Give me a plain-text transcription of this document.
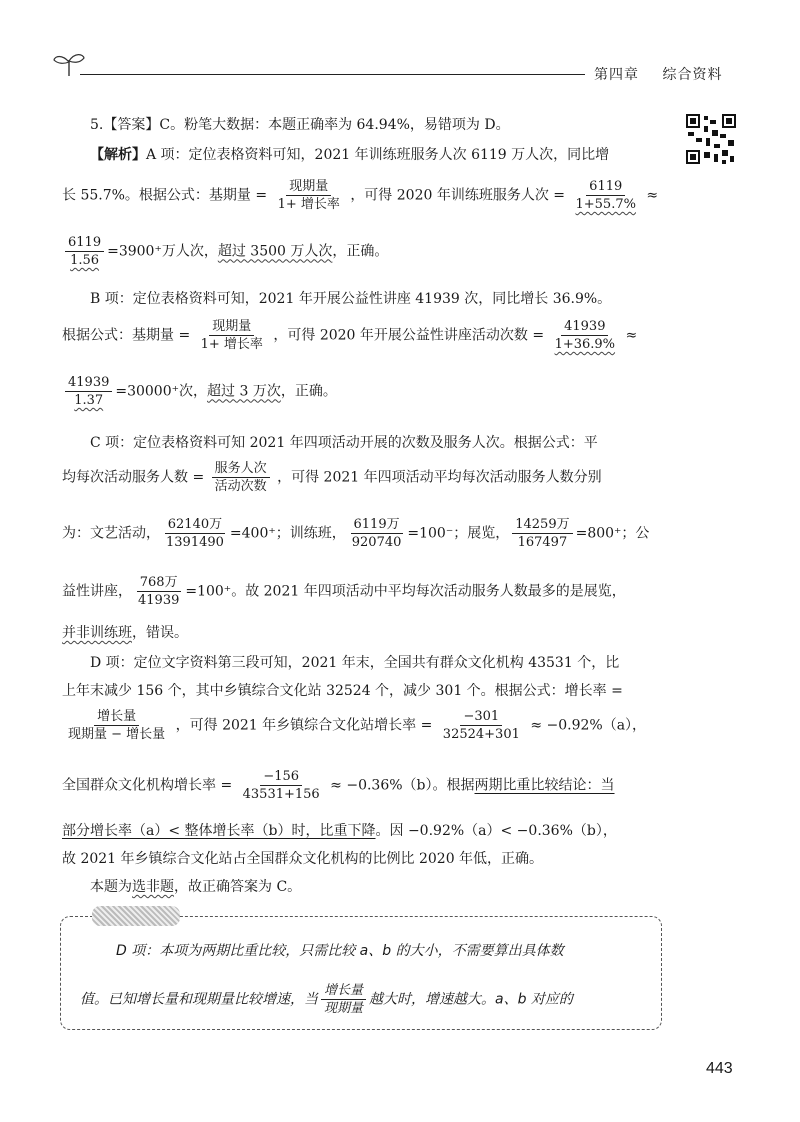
第四章 综合资料
5.【答案】C。粉笔大数据：本题正确率为 64.94%，易错项为 D。
【解析】A 项：定位表格资料可知，2021 年训练班服务人次 6119 万人次，同比增
长 55.7%。根据公式：基期量 = $\frac{\text{现期量}}{\text{1+ 增长率}}$ ，可得 2020 年训练班服务人次 = $\frac{6119}{1+55.7\%}$ ≈
$\frac{6119}{1.56} =3900^+$万人次，超过 3500 万人次，正确。
B 项：定位表格资料可知，2021 年开展公益性讲座 41939 次，同比增长 36.9%。
根据公式：基期量 = $\frac{\text{现期量}}{\text{1+ 增长率}}$ ，可得 2020 年开展公益性讲座活动次数 = $\frac{41939}{1+36.9\%}$ ≈
$\frac{41939}{1.37} =30000^+$次，超过 3 万次，正确。
C 项：定位表格资料可知 2021 年四项活动开展的次数及服务人次。根据公式：平
均每次活动服务人数 = $\frac{\text{服务人次}}{\text{活动次数}}$ ，可得 2021 年四项活动平均每次活动服务人数分别
为：文艺活动， $\frac{\text{62140万}}{1391490} =400^+$；训练班， $\frac{\text{6119万}}{920740} =100^-$；展览， $\frac{\text{14259万}}{167497} =800^+$；公
益性讲座， $\frac{\text{768万}}{41939} =100^+$。故 2021 年四项活动中平均每次活动服务人数最多的是展览，
并非训练班，错误。
D 项：定位文字资料第三段可知，2021 年末，全国共有群众文化机构 43531 个，比
上年末减少 156 个，其中乡镇综合文化站 32524 个，减少 301 个。根据公式：增长率 =
$\frac{\text{增长量}}{\text{现期量 − 增长量}}$ ，可得 2021 年乡镇综合文化站增长率 = $\frac{-301}{32524+301} \approx -0.92\%(a)$，
全国群众文化机构增长率 = $\frac{-156}{43531+156} \approx -0.36\%(b)$。根据两期比重比较结论：当
部分增长率（a）< 整体增长率（b）时，比重下降。因 −0.92%（a）< −0.36%（b），
故 2021 年乡镇综合文化站占全国群众文化机构的比例比 2020 年低，正确。
本题为选非题，故正确答案为 C。
D 项：本项为两期比重比较，只需比较 a、b 的大小，不需要算出具体数
值。已知增长量和现期量比较增速，当 $\frac{\text{增长量}}{\text{现期量}}$ 越大时，增速越大。a、b 对应的
443
